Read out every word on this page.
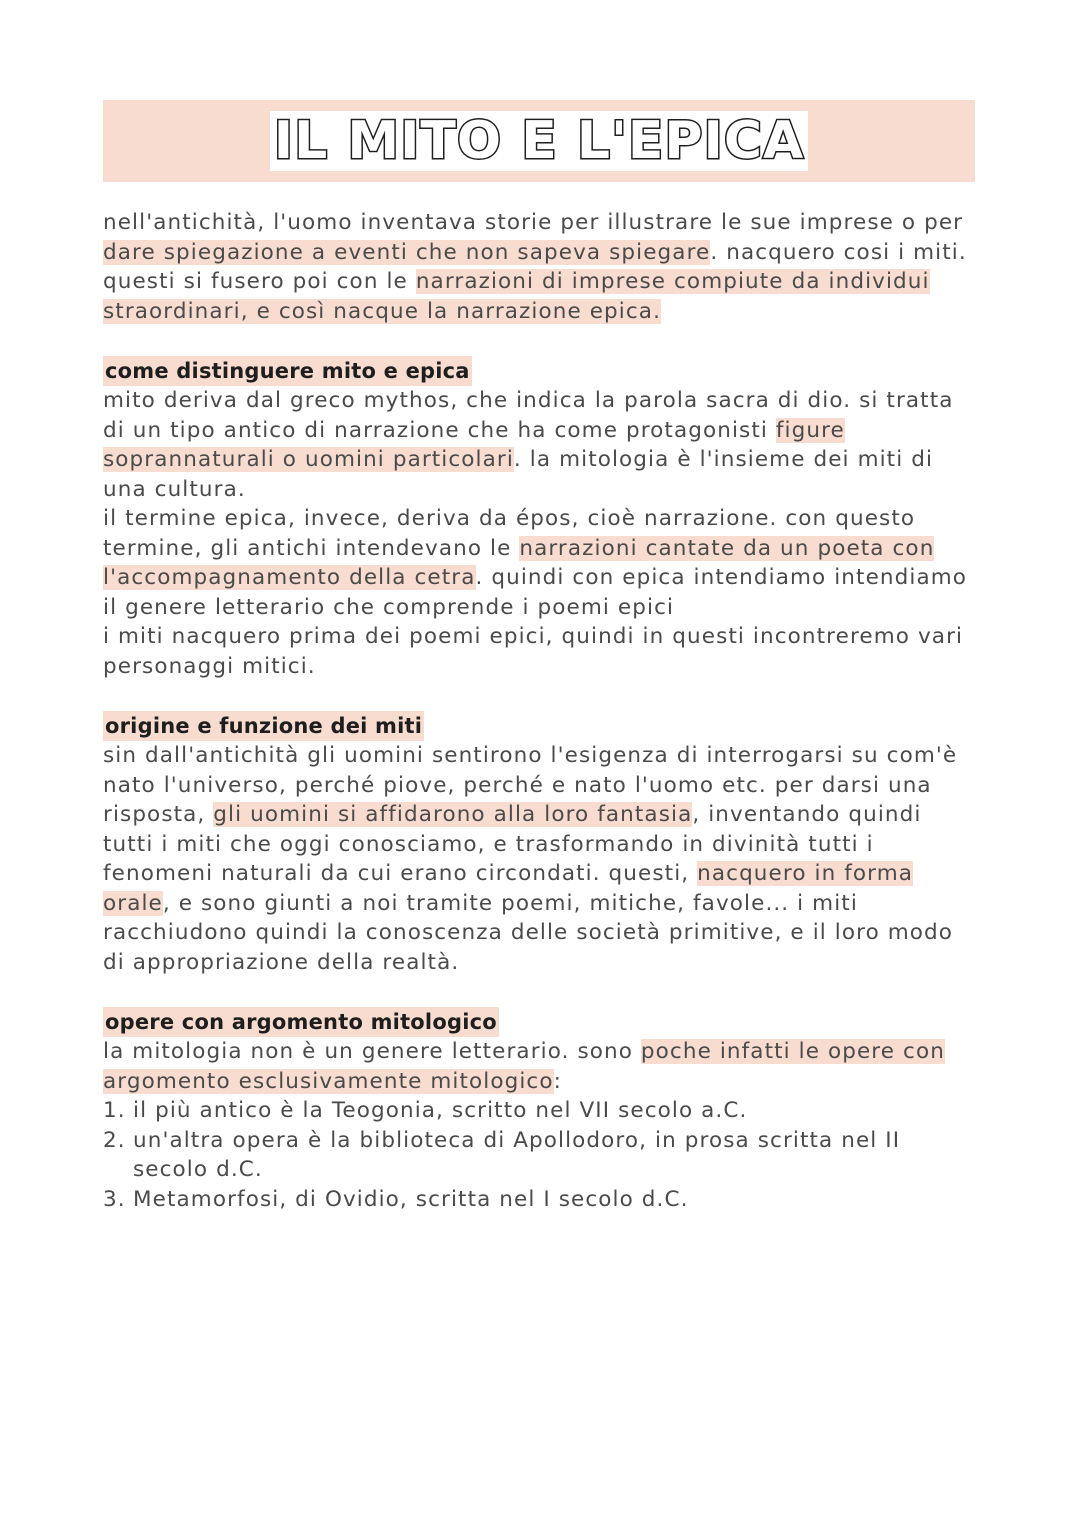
IL MITO E L'EPICA

nell'antichità, l'uomo inventava storie per illustrare le sue imprese o per dare spiegazione a eventi che non sapeva spiegare. nacquero cosi i miti. questi si fusero poi con le narrazioni di imprese compiute da individui straordinari, e così nacque la narrazione epica.

come distinguere mito e epica

mito deriva dal greco mythos, che indica la parola sacra di dio. si tratta di un tipo antico di narrazione che ha come protagonisti figure soprannaturali o uomini particolari. la mitologia è l'insieme dei miti di una cultura.

il termine epica, invece, deriva da épos, cioè narrazione. con questo termine, gli antichi intendevano le narrazioni cantate da un poeta con l'accompagnamento della cetra. quindi con epica intendiamo intendiamo il genere letterario che comprende i poemi epici

i miti nacquero prima dei poemi epici, quindi in questi incontreremo vari personaggi mitici.

origine e funzione dei miti

sin dall'antichità gli uomini sentirono l'esigenza di interrogarsi su com'è nato l'universo, perché piove, perché e nato l'uomo etc. per darsi una risposta, gli uomini si affidarono alla loro fantasia, inventando quindi tutti i miti che oggi conosciamo, e trasformando in divinità tutti i fenomeni naturali da cui erano circondati. questi, nacquero in forma orale, e sono giunti a noi tramite poemi, mitiche, favole... i miti racchiudono quindi la conoscenza delle società primitive, e il loro modo di appropriazione della realtà.

opere con argomento mitologico

la mitologia non è un genere letterario. sono poche infatti le opere con argomento esclusivamente mitologico:

1. il più antico è la Teogonia, scritto nel VII secolo a.C.
2. un'altra opera è la biblioteca di Apollodoro, in prosa scritta nel II secolo d.C.
3. Metamorfosi, di Ovidio, scritta nel I secolo d.C.
